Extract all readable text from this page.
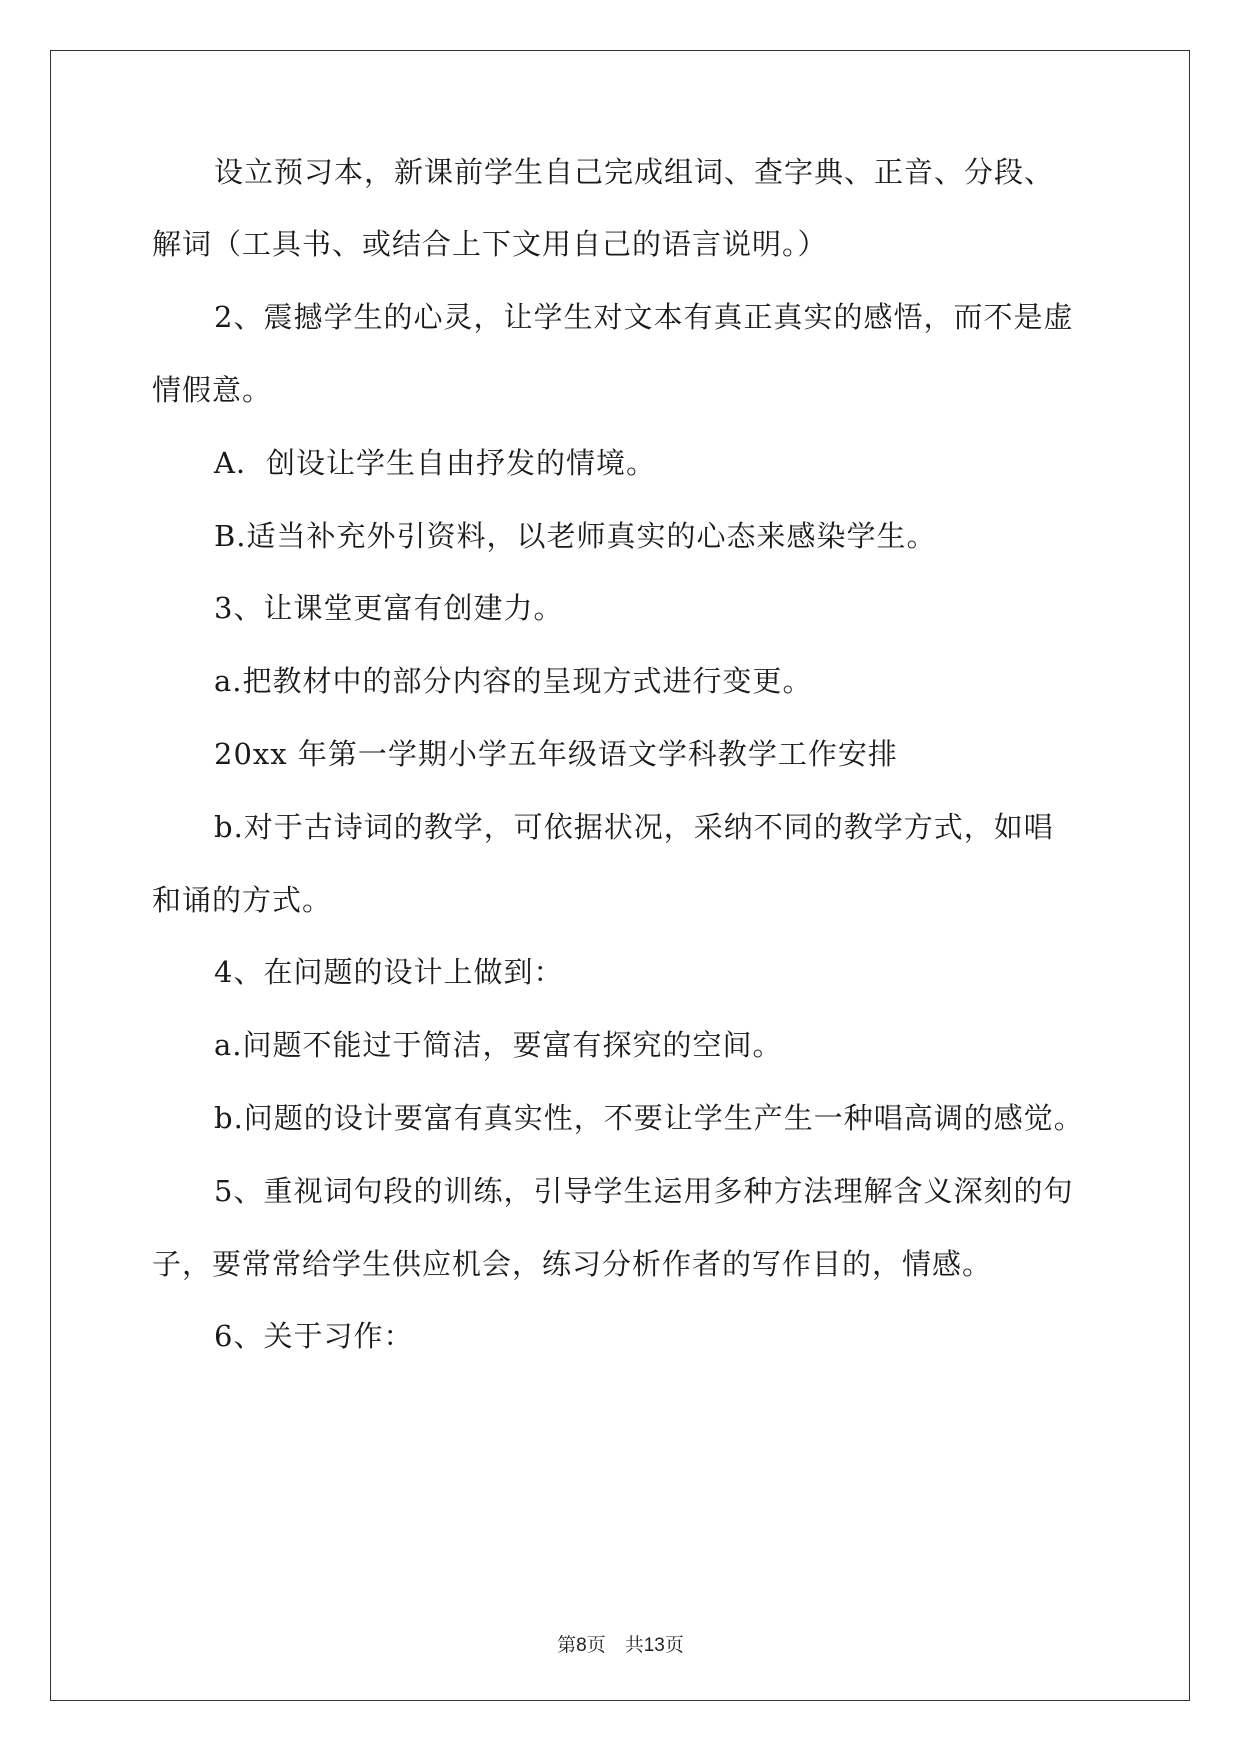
设立预习本，新课前学生自己完成组词、查字典、正音、分段、
解词（工具书、或结合上下文用自己的语言说明。）
2、震撼学生的心灵，让学生对文本有真正真实的感悟，而不是虚
情假意。
A．创设让学生自由抒发的情境。
B.适当补充外引资料，以老师真实的心态来感染学生。
3、让课堂更富有创建力。
a.把教材中的部分内容的呈现方式进行变更。
20xx 年第一学期小学五年级语文学科教学工作安排
b.对于古诗词的教学，可依据状况，采纳不同的教学方式，如唱
和诵的方式。
4、在问题的设计上做到：
a.问题不能过于简洁，要富有探究的空间。
b.问题的设计要富有真实性，不要让学生产生一种唱高调的感觉。
5、重视词句段的训练，引导学生运用多种方法理解含义深刻的句
子，要常常给学生供应机会，练习分析作者的写作目的，情感。
6、关于习作：
第8页　共13页
